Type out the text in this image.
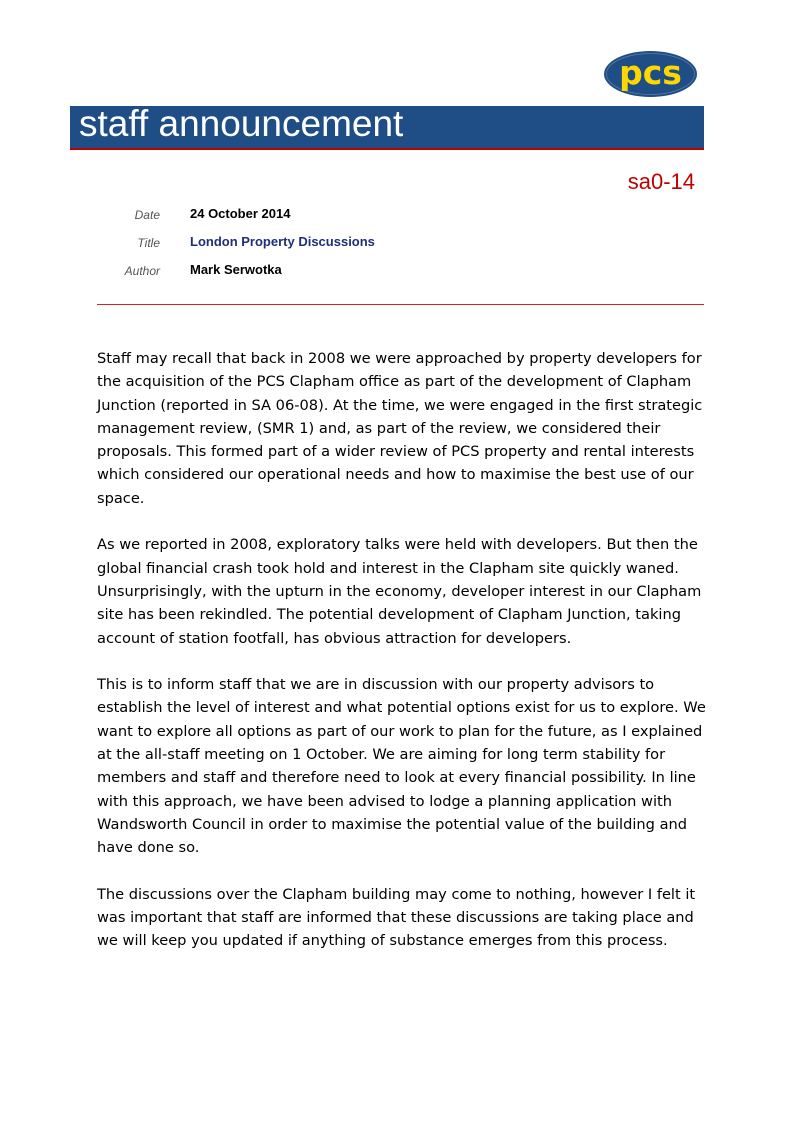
pcs
staff announcement
sa0-14
Date 24 October 2014
Title London Property Discussions
Author Mark Serwotka

Staff may recall that back in 2008 we were approached by property developers for the acquisition of the PCS Clapham office as part of the development of Clapham Junction (reported in SA 06-08). At the time, we were engaged in the first strategic management review, (SMR 1) and, as part of the review, we considered their proposals. This formed part of a wider review of PCS property and rental interests which considered our operational needs and how to maximise the best use of our space.

As we reported in 2008, exploratory talks were held with developers. But then the global financial crash took hold and interest in the Clapham site quickly waned. Unsurprisingly, with the upturn in the economy, developer interest in our Clapham site has been rekindled. The potential development of Clapham Junction, taking account of station footfall, has obvious attraction for developers.

This is to inform staff that we are in discussion with our property advisors to establish the level of interest and what potential options exist for us to explore. We want to explore all options as part of our work to plan for the future, as I explained at the all-staff meeting on 1 October. We are aiming for long term stability for members and staff and therefore need to look at every financial possibility. In line with this approach, we have been advised to lodge a planning application with Wandsworth Council in order to maximise the potential value of the building and have done so.

The discussions over the Clapham building may come to nothing, however I felt it was important that staff are informed that these discussions are taking place and we will keep you updated if anything of substance emerges from this process.
